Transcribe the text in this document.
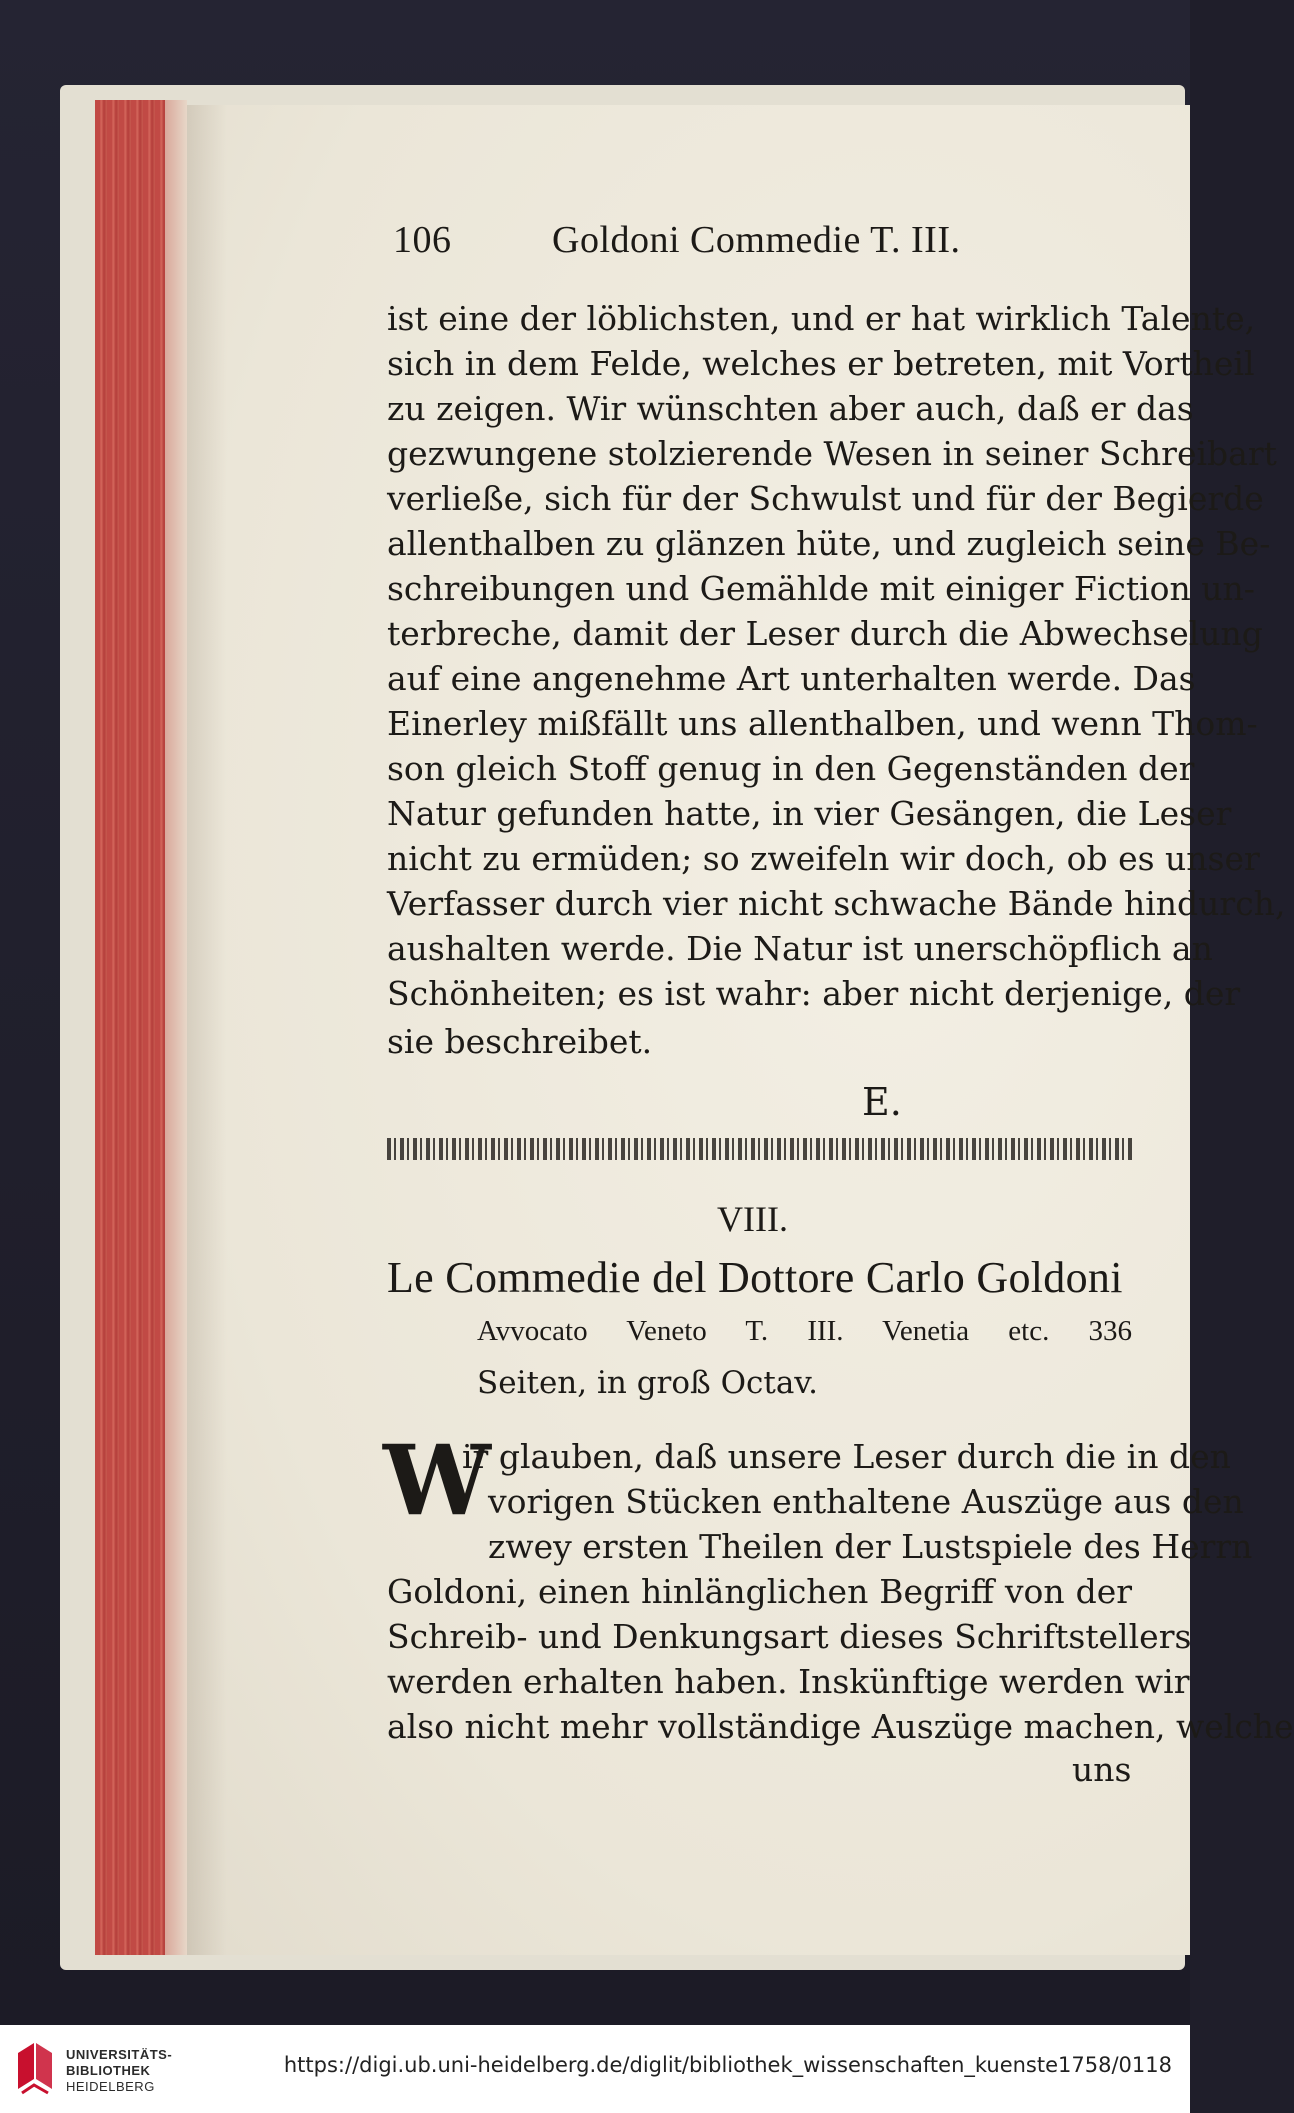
106	Goldoni Commedie T. III.
ist eine der löblichsten, und er hat wirklich Talente,
sich in dem Felde, welches er betreten, mit Vortheil
zu zeigen. Wir wünschten aber auch, daß er das
gezwungene stolzierende Wesen in seiner Schreibart
verließe, sich für der Schwulst und für der Begierde
allenthalben zu glänzen hüte, und zugleich seine Be-
schreibungen und Gemählde mit einiger Fiction un-
terbreche, damit der Leser durch die Abwechselung
auf eine angenehme Art unterhalten werde. Das
Einerley mißfällt uns allenthalben, und wenn Thom-
son gleich Stoff genug in den Gegenständen der
Natur gefunden hatte, in vier Gesängen, die Leser
nicht zu ermüden; so zweifeln wir doch, ob es unser
Verfasser durch vier nicht schwache Bände hindurch,
aushalten werde. Die Natur ist unerschöpflich an
Schönheiten; es ist wahr: aber nicht derjenige, der
sie beschreibet.
E.
VIII.
Le Commedie del Dottore Carlo Goldoni
Avvocato Veneto T. III. Venetia etc. 336
Seiten, in groß Octav.
W
ir glauben, daß unsere Leser durch die in den
vorigen Stücken enthaltene Auszüge aus den
zwey ersten Theilen der Lustspiele des Herrn
Goldoni, einen hinlänglichen Begriff von der
Schreib- und Denkungsart dieses Schriftstellers
werden erhalten haben. Inskünftige werden wir
also nicht mehr vollständige Auszüge machen, welche
uns
UNIVERSITÄTS-
BIBLIOTHEK
HEIDELBERG
https://digi.ub.uni-heidelberg.de/diglit/bibliothek_wissenschaften_kuenste1758/0118
